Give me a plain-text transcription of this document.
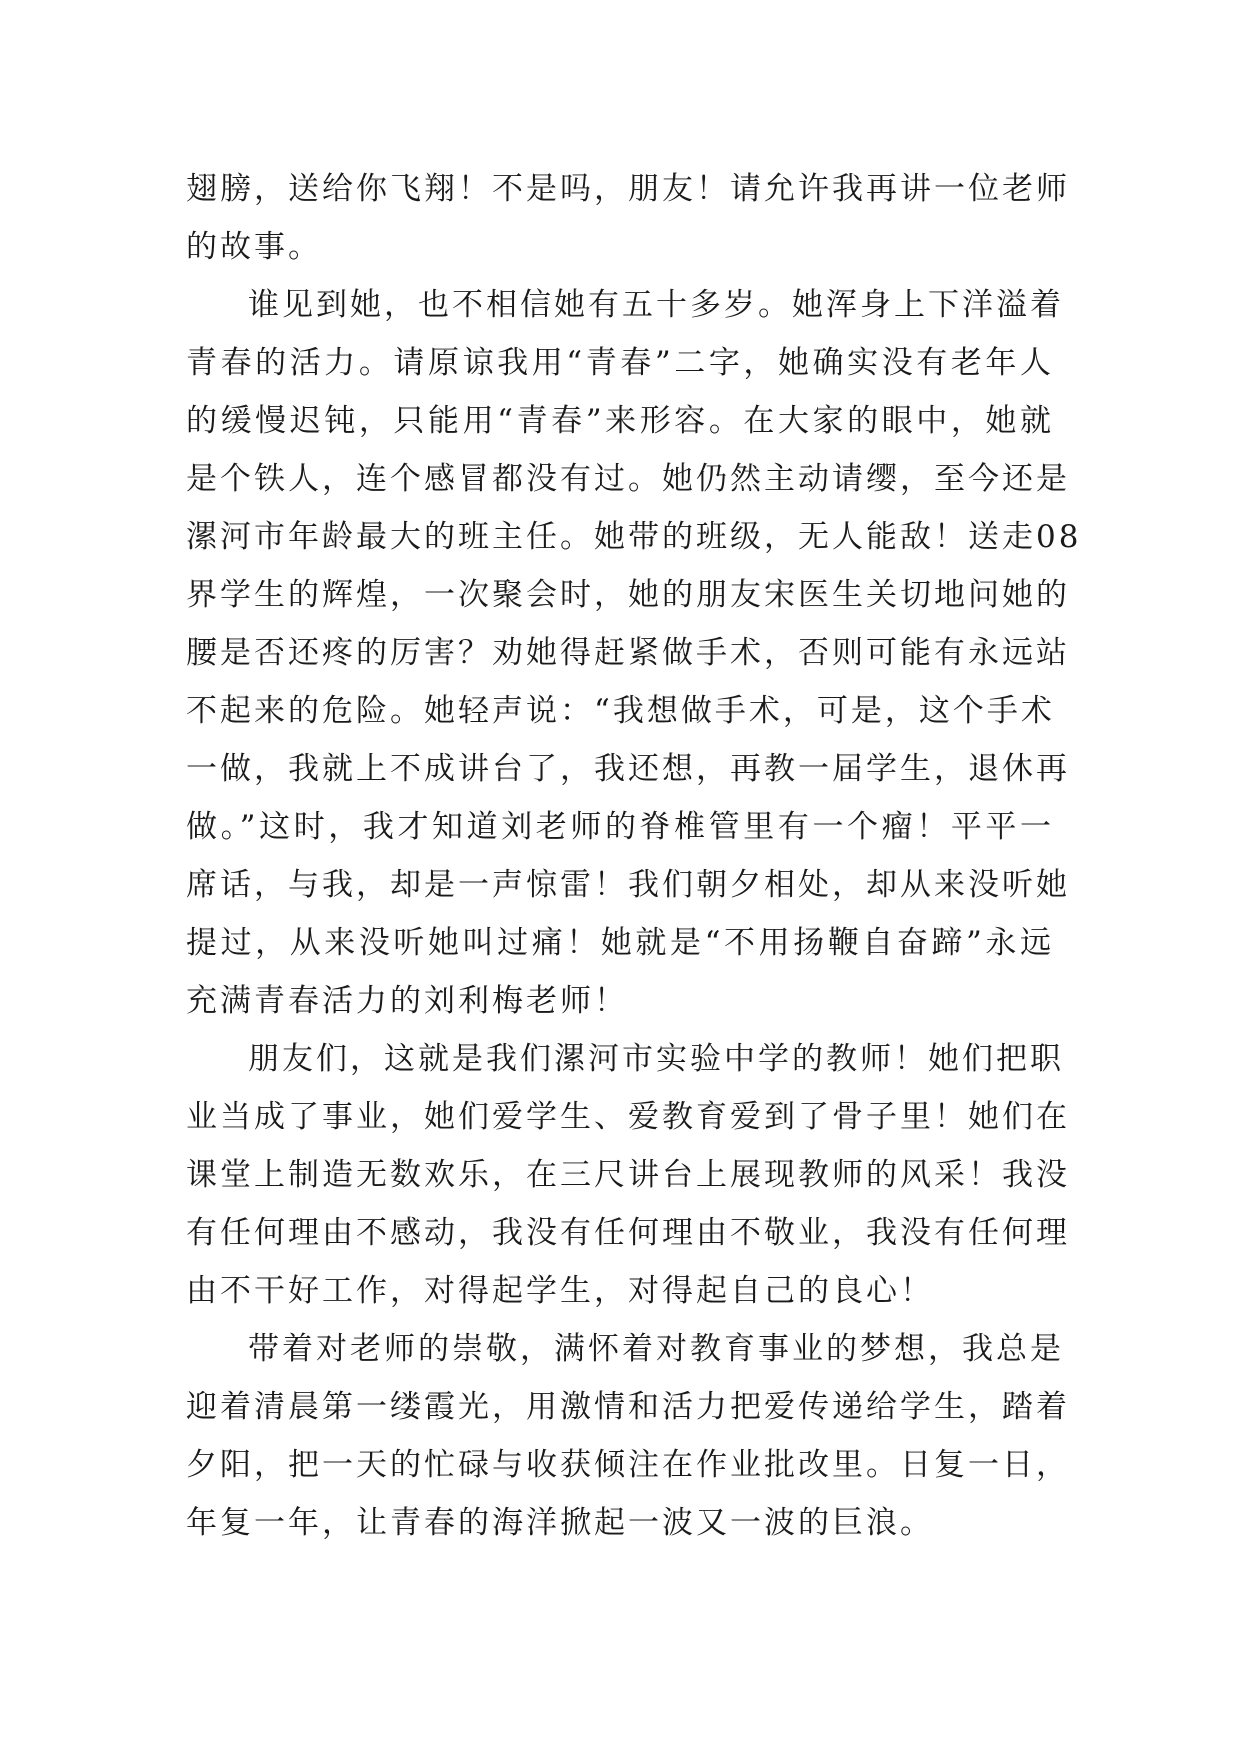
翅膀，送给你飞翔！不是吗，朋友！请允许我再讲一位老师
的故事。
谁见到她，也不相信她有五十多岁。她浑身上下洋溢着
青春的活力。请原谅我用“青春”二字，她确实没有老年人
的缓慢迟钝，只能用“青春”来形容。在大家的眼中，她就
是个铁人，连个感冒都没有过。她仍然主动请缨，至今还是
漯河市年龄最大的班主任。她带的班级，无人能敌！送走08
界学生的辉煌，一次聚会时，她的朋友宋医生关切地问她的
腰是否还疼的厉害？劝她得赶紧做手术，否则可能有永远站
不起来的危险。她轻声说：“我想做手术，可是，这个手术
一做，我就上不成讲台了，我还想，再教一届学生，退休再
做。”这时，我才知道刘老师的脊椎管里有一个瘤！平平一
席话，与我，却是一声惊雷！我们朝夕相处，却从来没听她
提过，从来没听她叫过痛！她就是“不用扬鞭自奋蹄”永远
充满青春活力的刘利梅老师！
朋友们，这就是我们漯河市实验中学的教师！她们把职
业当成了事业，她们爱学生、爱教育爱到了骨子里！她们在
课堂上制造无数欢乐，在三尺讲台上展现教师的风采！我没
有任何理由不感动，我没有任何理由不敬业，我没有任何理
由不干好工作，对得起学生，对得起自己的良心！
带着对老师的崇敬，满怀着对教育事业的梦想，我总是
迎着清晨第一缕霞光，用激情和活力把爱传递给学生，踏着
夕阳，把一天的忙碌与收获倾注在作业批改里。日复一日，
年复一年，让青春的海洋掀起一波又一波的巨浪。
